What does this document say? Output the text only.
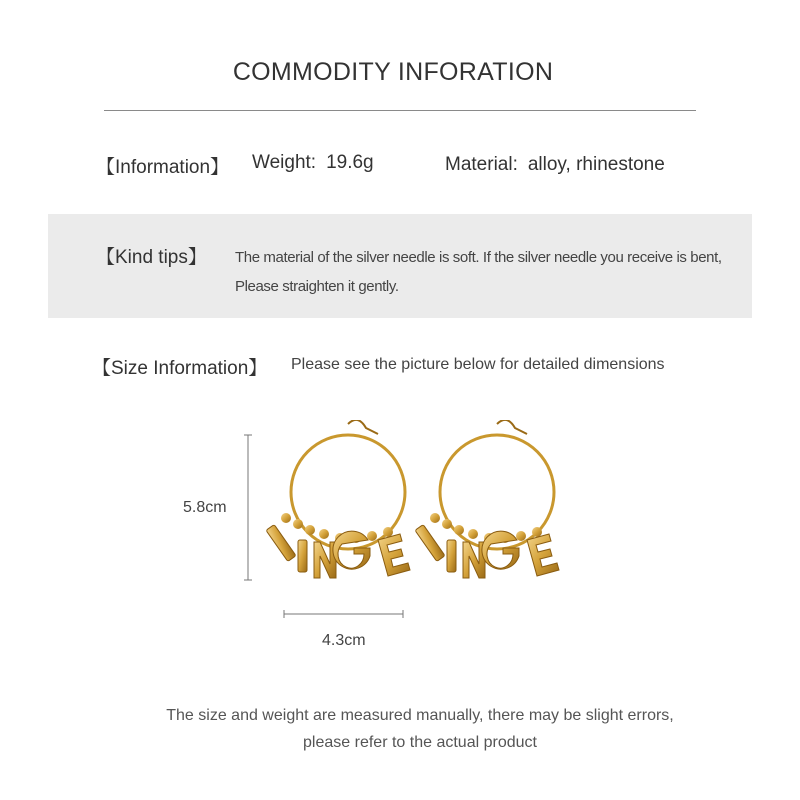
COMMODITY INFORATION
【Information】 Weight: 19.6g	Material: alloy, rhinestone
【Kind tips】 The material of the silver needle is soft. If the silver needle you receive is bent,
Please straighten it gently.
【Size Information】 Please see the picture below for detailed dimensions
5.8cm
4.3cm
The size and weight are measured manually, there may be slight errors,
please refer to the actual product
